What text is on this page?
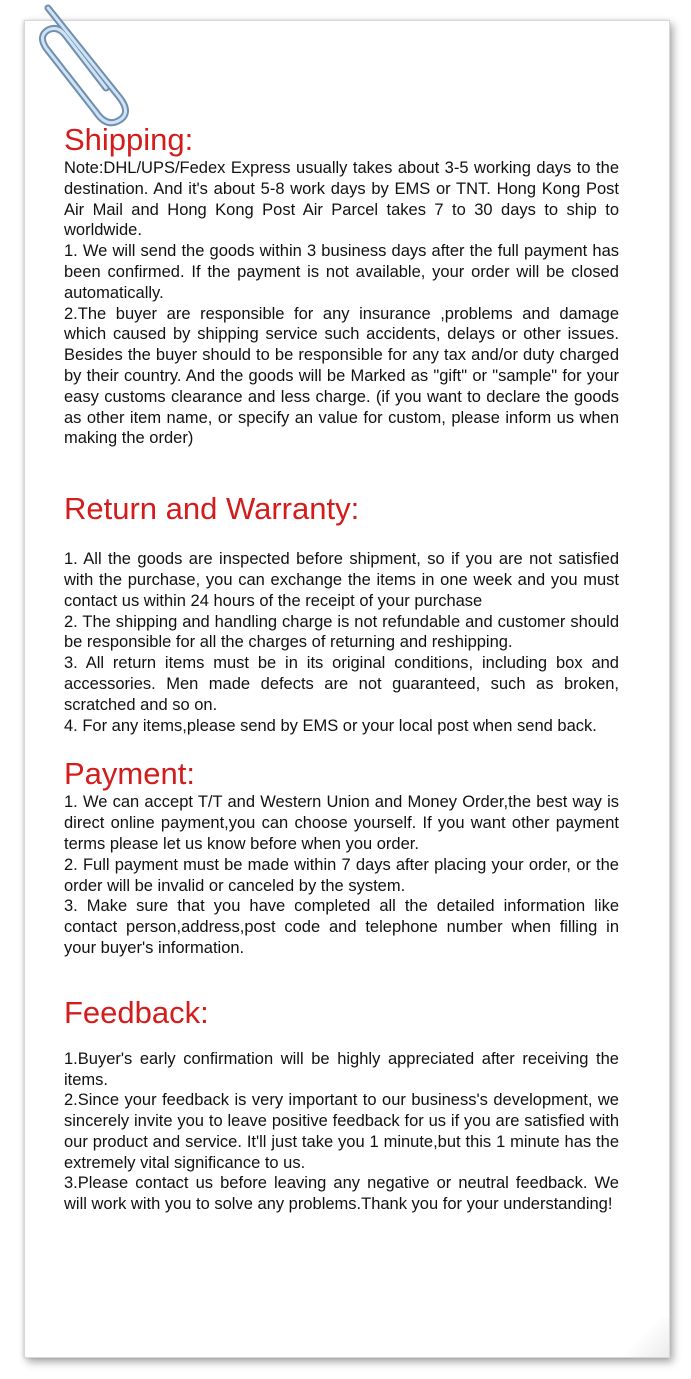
Shipping:

Note:DHL/UPS/Fedex Express usually takes about 3-5 working days to the destination. And it's about 5-8 work days by EMS or TNT. Hong Kong Post Air Mail and Hong Kong Post Air Parcel takes 7 to 30 days to ship to worldwide.

1. We will send the goods within 3 business days after the full payment has been confirmed. If the payment is not available, your order will be closed automatically.

2.The buyer are responsible for any insurance ,problems and damage which caused by shipping service such accidents, delays or other issues. Besides the buyer should to be responsible for any tax and/or duty charged by their country. And the goods will be Marked as "gift" or "sample" for your easy customs clearance and less charge. (if you want to declare the goods as other item name, or specify an value for custom, please inform us when making the order)

Return and Warranty:

1. All the goods are inspected before shipment, so if you are not satisfied with the purchase, you can exchange the items in one week and you must contact us within 24 hours of the receipt of your purchase

2. The shipping and handling charge is not refundable and customer should be responsible for all the charges of returning and reshipping.

3. All return items must be in its original conditions, including box and accessories. Men made defects are not guaranteed, such as broken, scratched and so on.

4. For any items,please send by EMS or your local post when send back.

Payment:

1. We can accept T/T and Western Union and Money Order,the best way is direct online payment,you can choose yourself. If you want other payment terms please let us know before when you order.

2. Full payment must be made within 7 days after placing your order, or the order will be invalid or canceled by the system.

3. Make sure that you have completed all the detailed information like contact person,address,post code and telephone number when filling in your buyer's information.

Feedback:

1.Buyer's early confirmation will be highly appreciated after receiving the items.

2.Since your feedback is very important to our business's development, we sincerely invite you to leave positive feedback for us if you are satisfied with our product and service. It'll just take you 1 minute,but this 1 minute has the extremely vital significance to us.

3.Please contact us before leaving any negative or neutral feedback. We will work with you to solve any problems.Thank you for your understanding!
